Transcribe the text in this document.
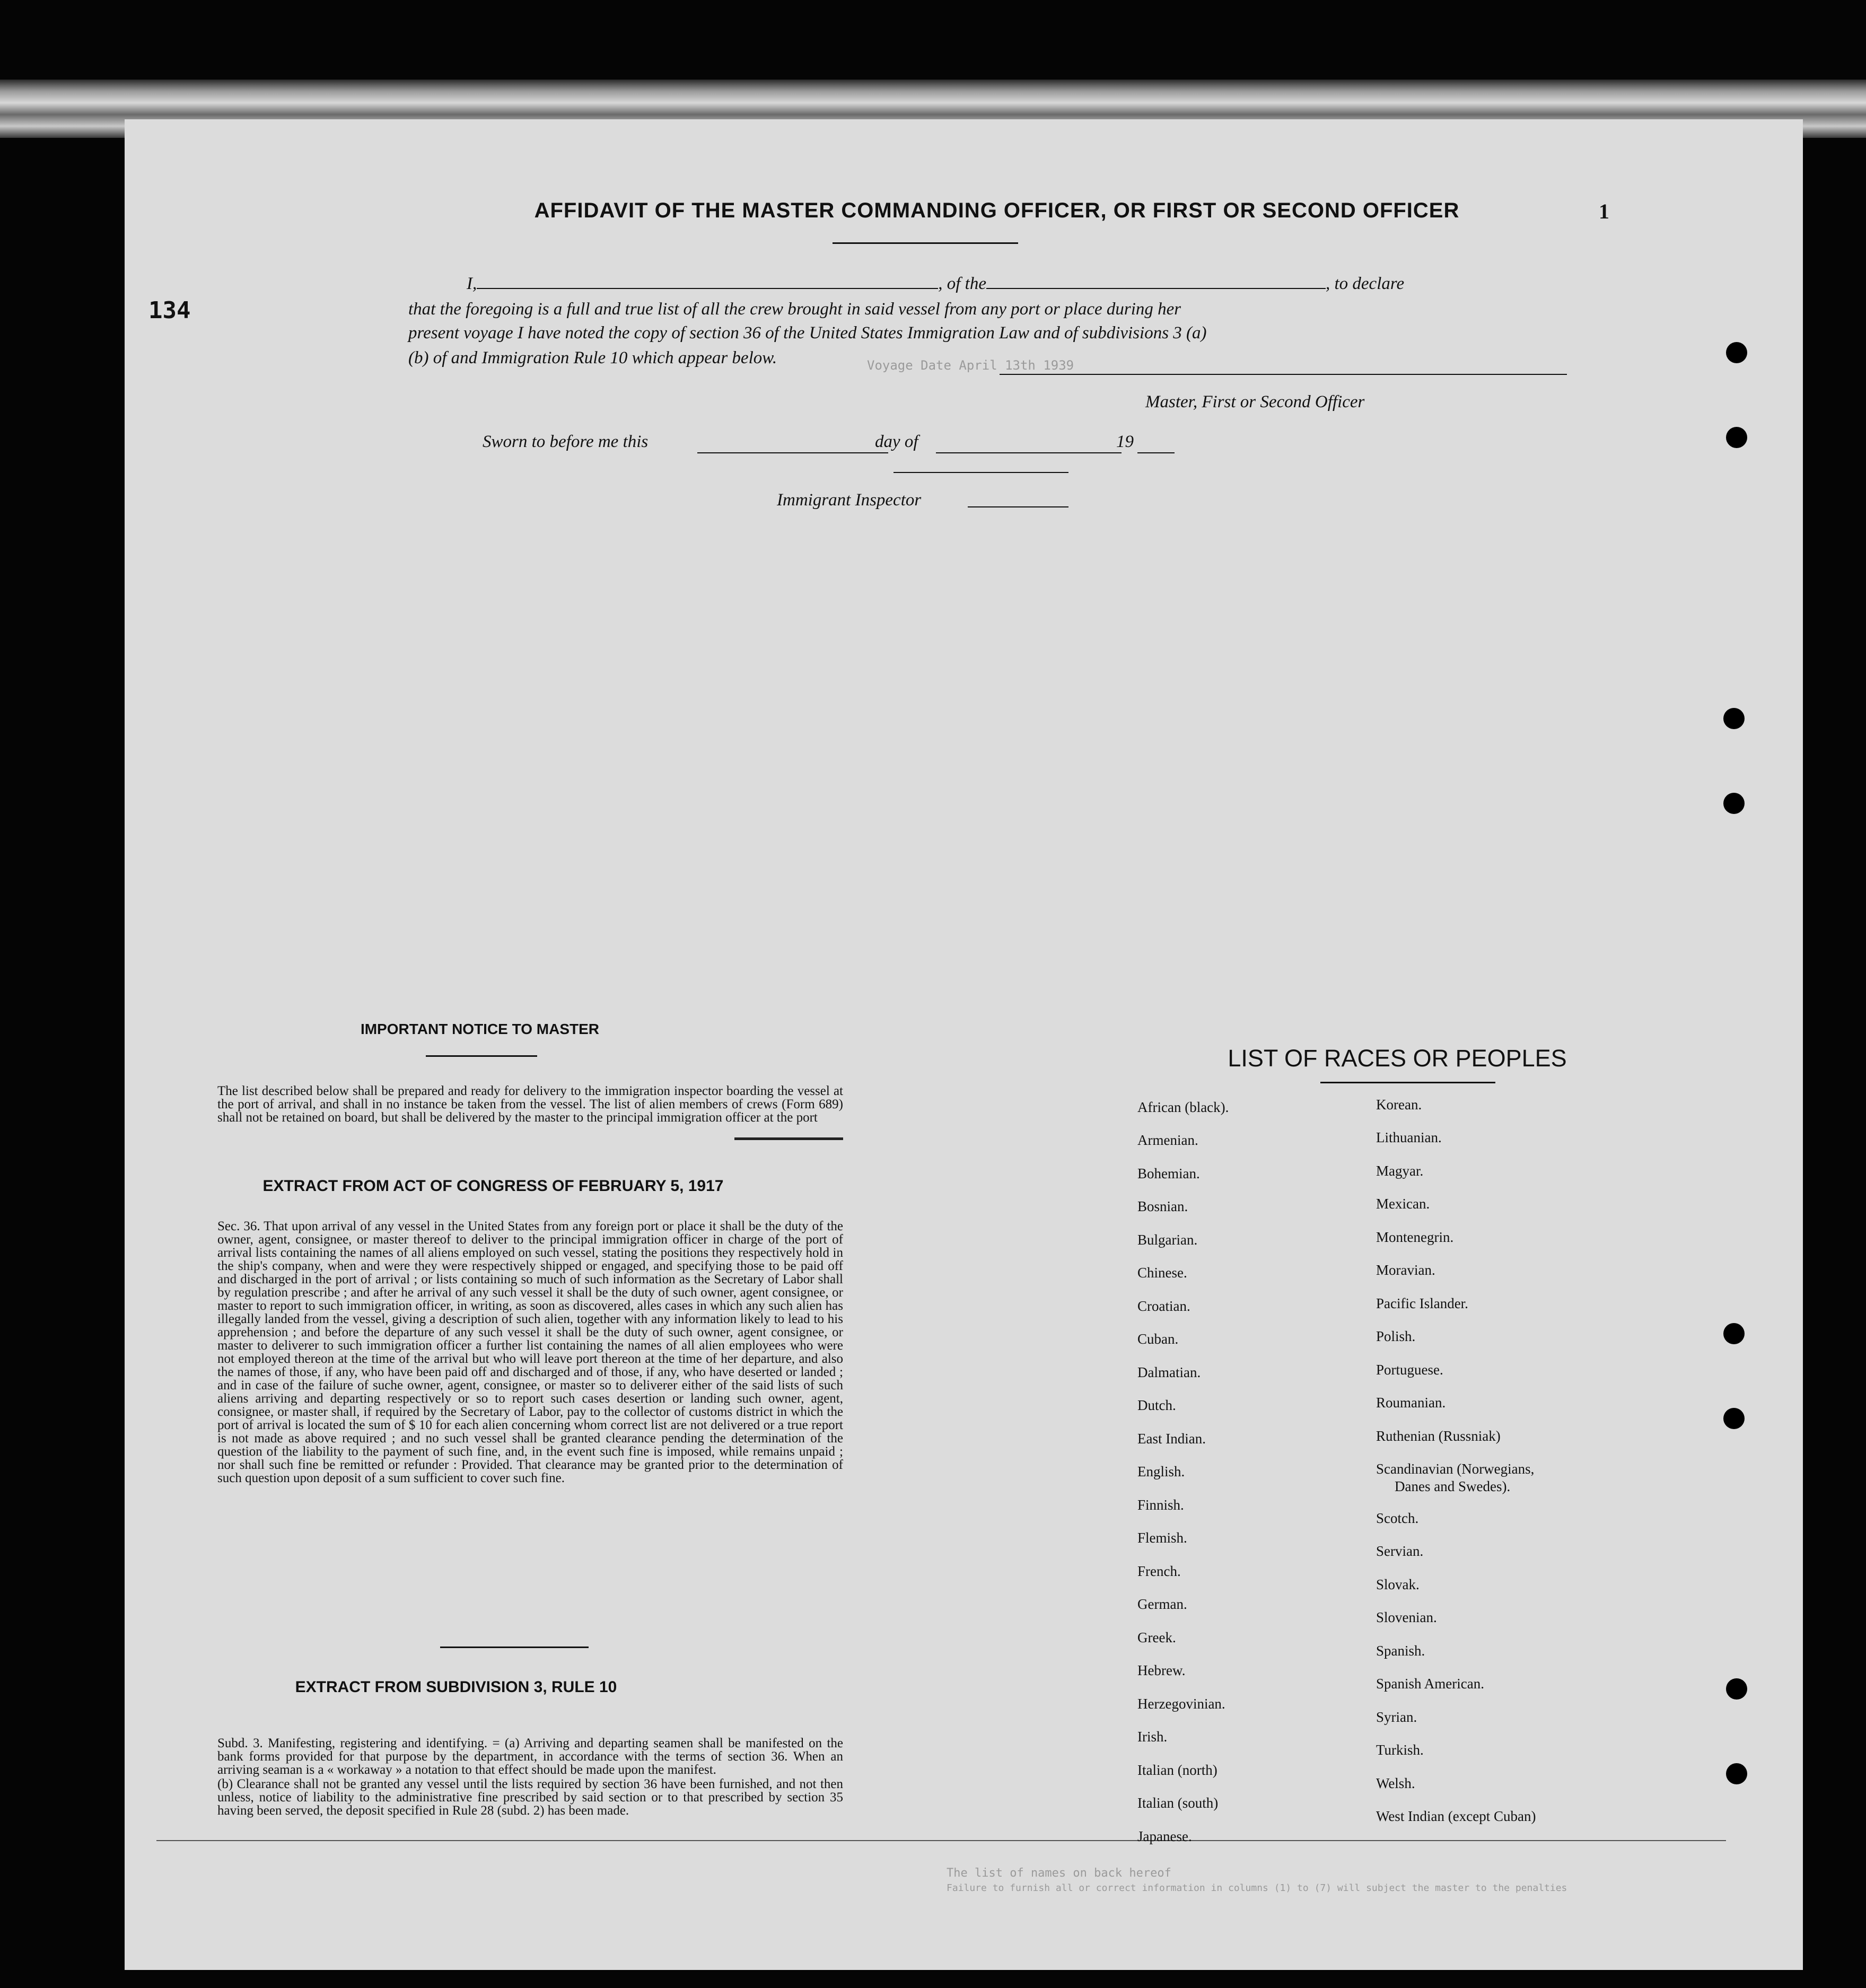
Voyage Date April 13th 1939
The list of names on back hereof
Failure to furnish all or correct information in columns (1) to (7) will subject the master to the penalties
134
AFFIDAVIT OF THE MASTER COMMANDING OFFICER, OR FIRST OR SECOND OFFICER	1
I,	, of the	, to declare
that the foregoing is a full and true list of all the crew brought in said vessel from any port or place during her
present voyage I have noted the copy of section 36 of the United States Immigration Law and of subdivisions 3 (a)
(b) of and Immigration Rule 10 which appear below.
Master, First or Second Officer
Sworn to before me this	day of	19
Immigrant Inspector
IMPORTANT NOTICE TO MASTER
The list described below shall be prepared and ready for delivery to the immigration inspector boarding the vessel at the port of arrival, and shall in no instance be taken from the vessel. The list of alien members of crews (Form 689) shall not be retained on board, but shall be delivered by the master to the principal immigration officer at the port
EXTRACT FROM ACT OF CONGRESS OF FEBRUARY 5, 1917
Sec. 36. That upon arrival of any vessel in the United States from any foreign port or place it shall be the duty of the owner, agent, consignee, or master thereof to deliver to the principal immigration officer in charge of the port of arrival lists containing the names of all aliens employed on such vessel, stating the positions they respectively hold in the ship's company, when and were they were respectively shipped or engaged, and specifying those to be paid off and discharged in the port of arrival ; or lists containing so much of such information as the Secretary of Labor shall by regulation prescribe ; and after he arrival of any such vessel it shall be the duty of such owner, agent consignee, or master to report to such immigration officer, in writing, as soon as discovered, alles cases in which any such alien has illegally landed from the vessel, giving a description of such alien, together with any information likely to lead to his apprehension ; and before the departure of any such vessel it shall be the duty of such owner, agent consignee, or master to deliverer to such immigration officer a further list containing the names of all alien employees who were not employed thereon at the time of the arrival but who will leave port thereon at the time of her departure, and also the names of those, if any, who have been paid off and discharged and of those, if any, who have deserted or landed ; and in case of the failure of suche owner, agent, consignee, or master so to deliverer either of the said lists of such aliens arriving and departing respectively or so to report such cases desertion or landing such owner, agent, consignee, or master shall, if required by the Secretary of Labor, pay to the collector of customs district in which the port of arrival is located the sum of $ 10 for each alien concerning whom correct list are not delivered or a true report is not made as above required ; and no such vessel shall be granted clearance pending the determination of the question of the liability to the payment of such fine, and, in the event such fine is imposed, while remains unpaid ; nor shall such fine be remitted or refunder : Provided. That clearance may be granted prior to the determination of such question upon deposit of a sum sufficient to cover such fine.
EXTRACT FROM SUBDIVISION 3, RULE 10
Subd. 3. Manifesting, registering and identifying. = (a) Arriving and departing seamen shall be manifested on the bank forms provided for that purpose by the department, in accordance with the terms of section 36. When an arriving seaman is a « workaway » a notation to that effect should be made upon the manifest.
(b) Clearance shall not be granted any vessel until the lists required by section 36 have been furnished, and not then unless, notice of liability to the administrative fine prescribed by said section or to that prescribed by section 35 having been served, the deposit specified in Rule 28 (subd. 2) has been made.
LIST OF RACES OR PEOPLES
African (black).
Armenian.
Bohemian.
Bosnian.
Bulgarian.
Chinese.
Croatian.
Cuban.
Dalmatian.
Dutch.
East Indian.
English.
Finnish.
Flemish.
French.
German.
Greek.
Hebrew.
Herzegovinian.
Irish.
Italian (north)
Italian (south)
Japanese.
Korean.
Lithuanian.
Magyar.
Mexican.
Montenegrin.
Moravian.
Pacific Islander.
Polish.
Portuguese.
Roumanian.
Ruthenian (Russniak)
Scandinavian (Norwegians,
Danes and Swedes).
Scotch.
Servian.
Slovak.
Slovenian.
Spanish.
Spanish American.
Syrian.
Turkish.
Welsh.
West Indian (except Cuban)
